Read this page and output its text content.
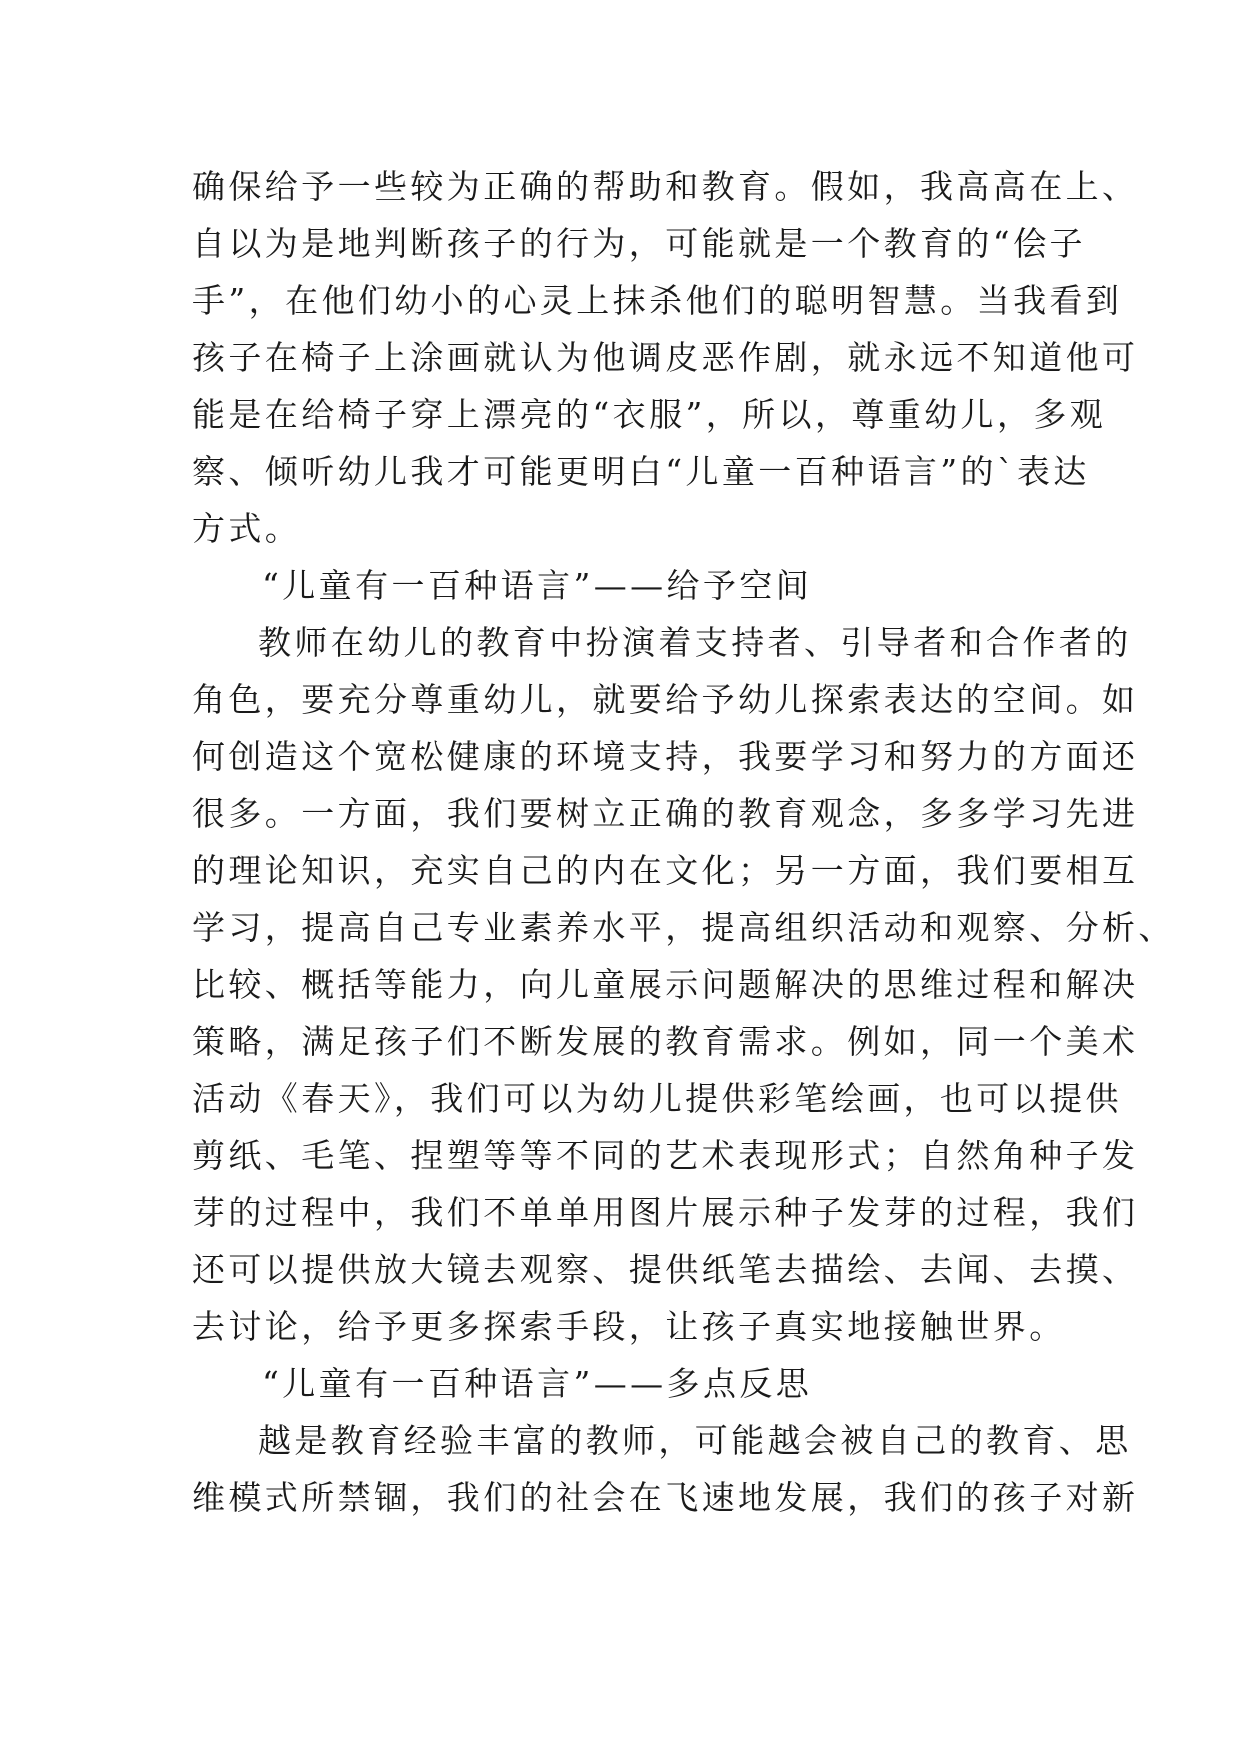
确保给予一些较为正确的帮助和教育。假如，我高高在上、
自以为是地判断孩子的行为，可能就是一个教育的“侩子
手”，在他们幼小的心灵上抹杀他们的聪明智慧。当我看到
孩子在椅子上涂画就认为他调皮恶作剧，就永远不知道他可
能是在给椅子穿上漂亮的“衣服”，所以，尊重幼儿，多观
察、倾听幼儿我才可能更明白“儿童一百种语言”的`表达
方式。
“儿童有一百种语言”——给予空间
教师在幼儿的教育中扮演着支持者、引导者和合作者的
角色，要充分尊重幼儿，就要给予幼儿探索表达的空间。如
何创造这个宽松健康的环境支持，我要学习和努力的方面还
很多。一方面，我们要树立正确的教育观念，多多学习先进
的理论知识，充实自己的内在文化；另一方面，我们要相互
学习，提高自己专业素养水平，提高组织活动和观察、分析、
比较、概括等能力，向儿童展示问题解决的思维过程和解决
策略，满足孩子们不断发展的教育需求。例如，同一个美术
活动《春天》，我们可以为幼儿提供彩笔绘画，也可以提供
剪纸、毛笔、捏塑等等不同的艺术表现形式；自然角种子发
芽的过程中，我们不单单用图片展示种子发芽的过程，我们
还可以提供放大镜去观察、提供纸笔去描绘、去闻、去摸、
去讨论，给予更多探索手段，让孩子真实地接触世界。
“儿童有一百种语言”——多点反思
越是教育经验丰富的教师，可能越会被自己的教育、思
维模式所禁锢，我们的社会在飞速地发展，我们的孩子对新
